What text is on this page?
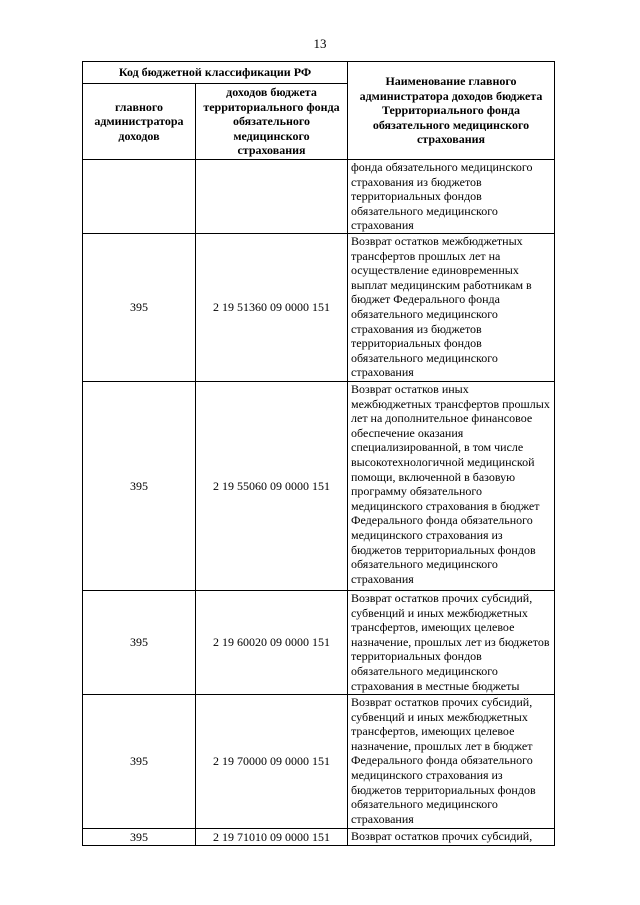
13
Код бюджетной классификации РФ		Наименование главного администратора доходов бюджета Территориального фонда обязательного медицинского страхования
главного администратора доходов	доходов бюджета территориального фонда обязательного медицинского страхования	
		фонда обязательного медицинского страхования из бюджетов территориальных фондов обязательного медицинского страхования
395	2 19 51360 09 0000 151	Возврат остатков межбюджетных трансфертов прошлых лет на осуществление единовременных выплат медицинским работникам в бюджет Федерального фонда обязательного медицинского страхования из бюджетов территориальных фондов обязательного медицинского страхования
395	2 19 55060 09 0000 151	Возврат остатков иных межбюджетных трансфертов прошлых лет на дополнительное финансовое обеспечение оказания специализированной, в том числе высокотехнологичной медицинской помощи, включенной в базовую программу обязательного медицинского страхования в бюджет Федерального фонда обязательного медицинского страхования из бюджетов территориальных фондов обязательного медицинского страхования
395	2 19 60020 09 0000 151	Возврат остатков прочих субсидий, субвенций и иных межбюджетных трансфертов, имеющих целевое назначение, прошлых лет из бюджетов территориальных фондов обязательного медицинского страхования в местные бюджеты
395	2 19 70000 09 0000 151	Возврат остатков прочих субсидий, субвенций и иных межбюджетных трансфертов, имеющих целевое назначение, прошлых лет в бюджет Федерального фонда обязательного медицинского страхования из бюджетов территориальных фондов обязательного медицинского страхования
395	2 19 71010 09 0000 151	Возврат остатков прочих субсидий,
